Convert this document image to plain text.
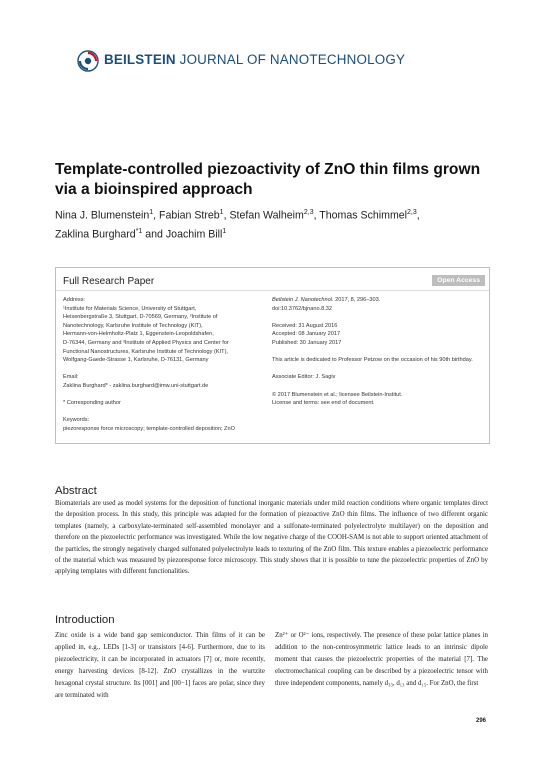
BEILSTEIN JOURNAL OF NANOTECHNOLOGY
Template-controlled piezoactivity of ZnO thin films grown via a bioinspired approach
Nina J. Blumenstein$^1$, Fabian Streb$^1$, Stefan Walheim$^{2,3}$, Thomas Schimmel$^{2,3}$,
Zaklina Burghard$^{*1}$ and Joachim Bill$^1$
Full Research Paper	Open Access

Address:

¹Institute for Materials Science, University of Stuttgart,

Heisenbergstraße 3, Stuttgart, D-70569, Germany, ²Institute of

Nanotechnology, Karlsruhe Institute of Technology (KIT),

Hermann-von-Helmholtz-Platz 1, Eggenstein-Leopoldshafen,

D-76344, Germany and ³Institute of Applied Physics and Center for

Functional Nanostructures, Karlsruhe Institute of Technology (KIT),

Wolfgang-Gaede-Strasse 1, Karlsruhe, D-76131, Germany

Email:

Zaklina Burghard* - zaklina.burghard@imw.uni-stuttgart.de

* Corresponding author

Keywords:

piezoresponse force microscopy; template-controlled deposition; ZnO

Beilstein J. Nanotechnol. 2017, 8, 296–303.

doi:10.3762/bjnano.8.32

Received: 31 August 2016

Accepted: 08 January 2017

Published: 30 January 2017

This article is dedicated to Professor Petzow on the occasion of his 90th birthday.

Associate Editor: J. Sagiv

© 2017 Blumenstein et al.; licensee Beilstein-Institut.

License and terms: see end of document.

Abstract

Biomaterials are used as model systems for the deposition of functional inorganic materials under mild reaction conditions where organic templates direct the deposition process. In this study, this principle was adapted for the formation of piezoactive ZnO thin films. The influence of two different organic templates (namely, a carboxylate-terminated self-assembled monolayer and a sulfonate-terminated polyelectrolyte multilayer) on the deposition and therefore on the piezoelectric performance was investigated. While the low negative charge of the COOH-SAM is not able to support oriented attachment of the particles, the strongly negatively charged sulfonated polyelectrolyte leads to texturing of the ZnO film. This texture enables a piezoelectric performance of the material which was measured by piezoresponse force microscopy. This study shows that it is possible to tune the piezoelectric properties of ZnO by applying templates with different functionalities.

Introduction

Zinc oxide is a wide band gap semiconductor. Thin films of it can be applied in, e.g., LEDs [1-3] or transistors [4-6]. Furthermore, due to its piezoelectricity, it can be incorporated in actuators [7] or, more recently, energy harvesting devices [8-12]. ZnO crystallizes in the wurtzite hexagonal crystal structure. Its [001] and [00−1] faces are polar, since they are terminated with

Zn²⁺ or O²⁻ ions, respectively. The presence of these polar lattice planes in addition to the non-centrosymmetric lattice leads to an intrinsic dipole moment that causes the piezoelectric properties of the material [7]. The electromechanical coupling can be described by a piezoelectric tensor with three independent components, namely d₃₃, d₁₃ and d₁₅. For ZnO, the first

296
